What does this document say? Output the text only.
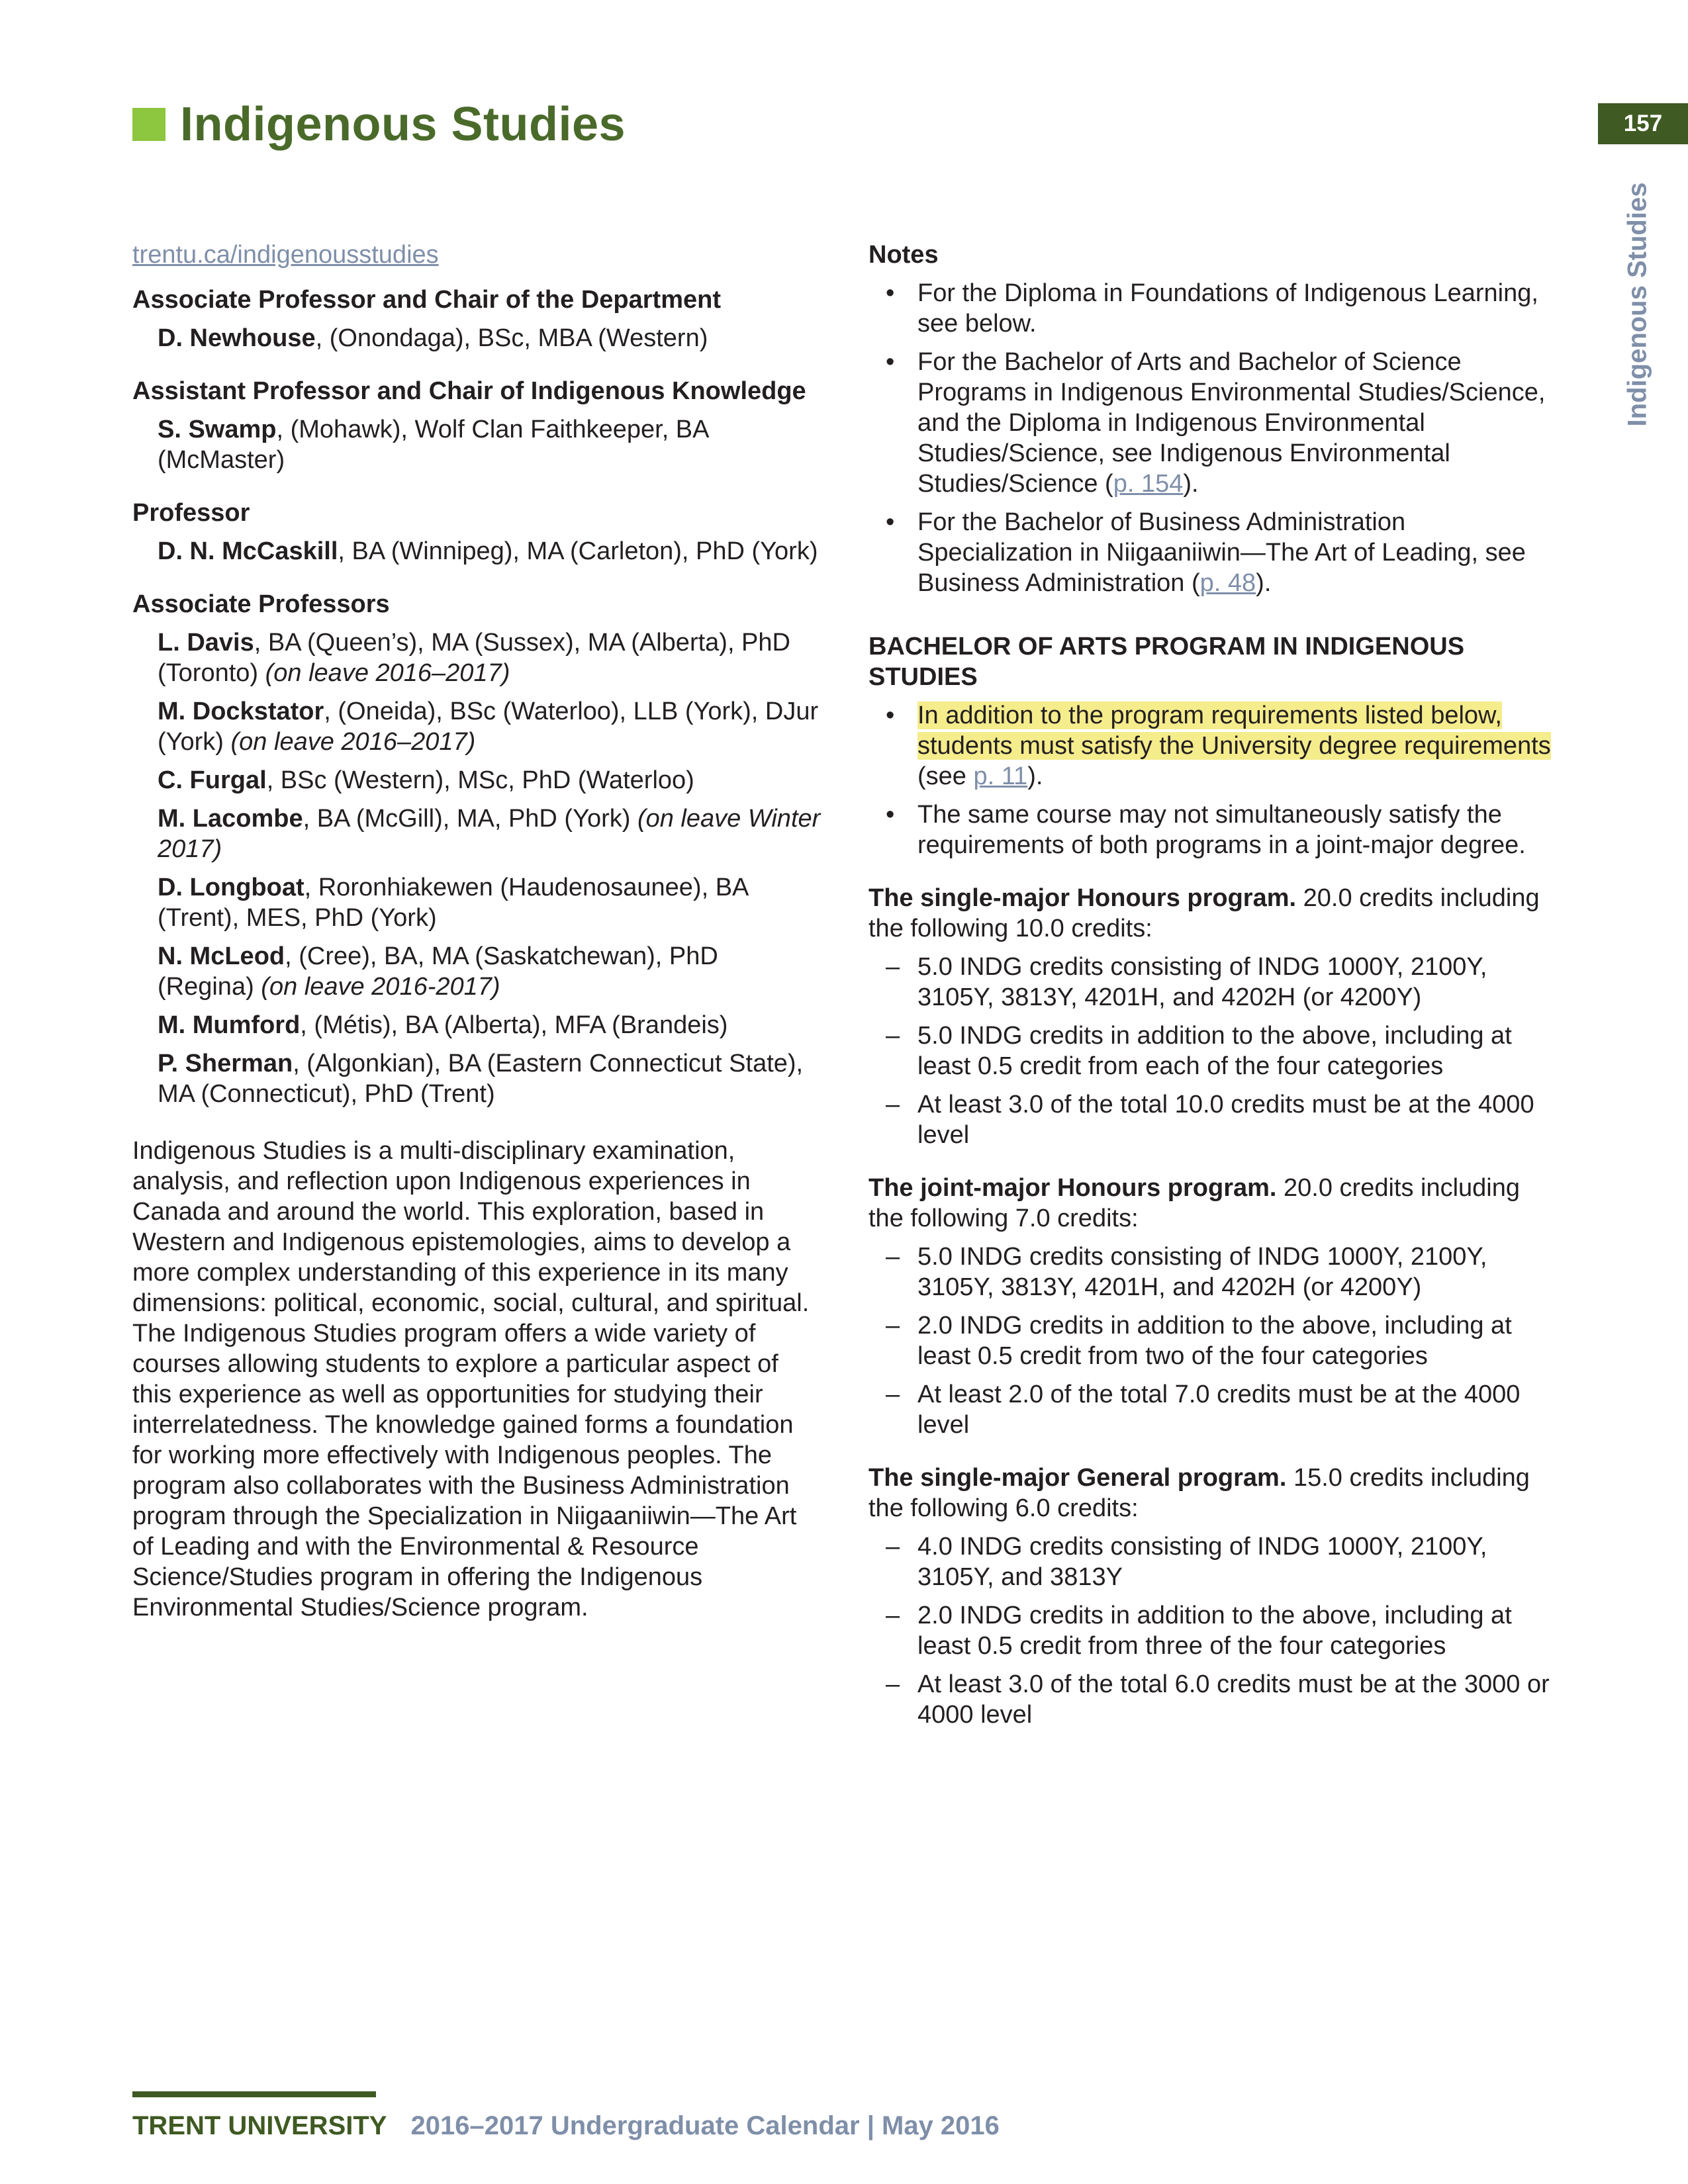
Indigenous Studies	157
Indigenous Studies
trentu.ca/indigenousstudies
Associate Professor and Chair of the Department
D. Newhouse, (Onondaga), BSc, MBA (Western)
Assistant Professor and Chair of Indigenous Knowledge
S. Swamp, (Mohawk), Wolf Clan Faithkeeper, BA (McMaster)
Professor
D. N. McCaskill, BA (Winnipeg), MA (Carleton), PhD (York)
Associate Professors
L. Davis, BA (Queen’s), MA (Sussex), MA (Alberta), PhD (Toronto) (on leave 2016–2017)
M. Dockstator, (Oneida), BSc (Waterloo), LLB (York), DJur (York) (on leave 2016–2017)
C. Furgal, BSc (Western), MSc, PhD (Waterloo)
M. Lacombe, BA (McGill), MA, PhD (York) (on leave Winter 2017)
D. Longboat, Roronhiakewen (Haudenosaunee), BA (Trent), MES, PhD (York)
N. McLeod, (Cree), BA, MA (Saskatchewan), PhD (Regina) (on leave 2016-2017)
M. Mumford, (Métis), BA (Alberta), MFA (Brandeis)
P. Sherman, (Algonkian), BA (Eastern Connecticut State), MA (Connecticut), PhD (Trent)
Indigenous Studies is a multi-disciplinary examination, analysis, and reflection upon Indigenous experiences in Canada and around the world. This exploration, based in Western and Indigenous epistemologies, aims to develop a more complex understanding of this experience in its many dimensions: political, economic, social, cultural, and spiritual. The Indigenous Studies program offers a wide variety of courses allowing students to explore a particular aspect of this experience as well as opportunities for studying their interrelatedness. The knowledge gained forms a foundation for working more effectively with Indigenous peoples. The program also collaborates with the Business Administration program through the Specialization in Niigaaniiwin—The Art of Leading and with the Environmental & Resource Science/Studies program in offering the Indigenous Environmental Studies/Science program.
Notes
• For the Diploma in Foundations of Indigenous Learning, see below.
• For the Bachelor of Arts and Bachelor of Science Programs in Indigenous Environmental Studies/Science, and the Diploma in Indigenous Environmental Studies/Science, see Indigenous Environmental Studies/Science (p. 154).
• For the Bachelor of Business Administration Specialization in Niigaaniiwin—The Art of Leading, see Business Administration (p. 48).
BACHELOR OF ARTS PROGRAM IN INDIGENOUS STUDIES
• In addition to the program requirements listed below, students must satisfy the University degree requirements (see p. 11).
• The same course may not simultaneously satisfy the requirements of both programs in a joint-major degree.
The single-major Honours program. 20.0 credits including the following 10.0 credits:
– 5.0 INDG credits consisting of INDG 1000Y, 2100Y, 3105Y, 3813Y, 4201H, and 4202H (or 4200Y)
– 5.0 INDG credits in addition to the above, including at least 0.5 credit from each of the four categories
– At least 3.0 of the total 10.0 credits must be at the 4000 level
The joint-major Honours program. 20.0 credits including the following 7.0 credits:
– 5.0 INDG credits consisting of INDG 1000Y, 2100Y, 3105Y, 3813Y, 4201H, and 4202H (or 4200Y)
– 2.0 INDG credits in addition to the above, including at least 0.5 credit from two of the four categories
– At least 2.0 of the total 7.0 credits must be at the 4000 level
The single-major General program. 15.0 credits including the following 6.0 credits:
– 4.0 INDG credits consisting of INDG 1000Y, 2100Y, 3105Y, and 3813Y
– 2.0 INDG credits in addition to the above, including at least 0.5 credit from three of the four categories
– At least 3.0 of the total 6.0 credits must be at the 3000 or 4000 level
TRENT UNIVERSITY 2016–2017 Undergraduate Calendar | May 2016
